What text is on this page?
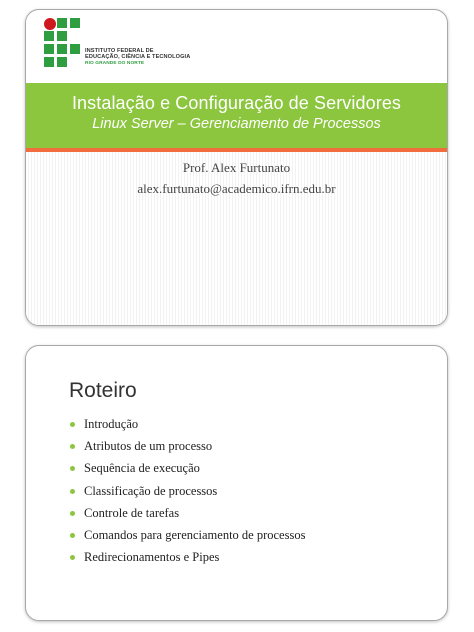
INSTITUTO FEDERAL DE
EDUCAÇÃO, CIÊNCIA E TECNOLOGIA
RIO GRANDE DO NORTE
Instalação e Configuração de Servidores
Linux Server – Gerenciamento de Processos
Prof. Alex Furtunato
alex.furtunato@academico.ifrn.edu.br
Roteiro
Introdução
Atributos de um processo
Sequência de execução
Classificação de processos
Controle de tarefas
Comandos para gerenciamento de processos
Redirecionamentos e Pipes
